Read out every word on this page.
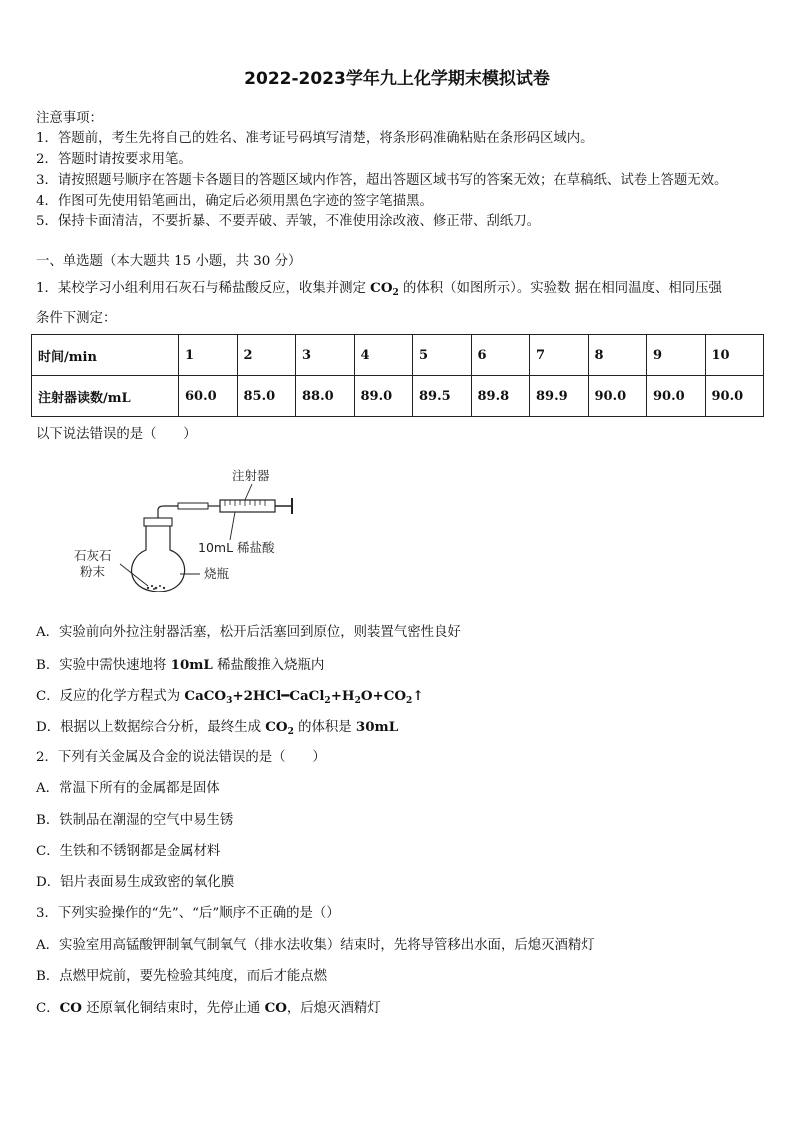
2022-2023学年九上化学期末模拟试卷
注意事项：
1．答题前，考生先将自己的姓名、准考证号码填写清楚，将条形码准确粘贴在条形码区域内。
2．答题时请按要求用笔。
3．请按照题号顺序在答题卡各题目的答题区域内作答，超出答题区域书写的答案无效；在草稿纸、试卷上答题无效。
4．作图可先使用铅笔画出，确定后必须用黑色字迹的签字笔描黑。
5．保持卡面清洁，不要折暴、不要弄破、弄皱，不准使用涂改液、修正带、刮纸刀。
一、单选题（本大题共 15 小题，共 30 分）
1．某校学习小组利用石灰石与稀盐酸反应，收集并测定 $CO_2$ 的体积（如图所示）。实验数 据在相同温度、相同压强
条件下测定：
时间/min	1	2	3	4	5	6	7	8	9	10
注射器读数/mL	60.0	85.0	88.0	89.0	89.5	89.8	89.9	90.0	90.0	90.0
以下说法错误的是（　　）
注射器
10mL 稀盐酸
石灰石
粉末	烧瓶
A．实验前向外拉注射器活塞，松开后活塞回到原位，则装置气密性良好
B．实验中需快速地将 10mL 稀盐酸推入烧瓶内
C．反应的化学方程式为 $CaCO_3+2HCl━CaCl_2+H_2O+CO_2↑$
D．根据以上数据综合分析，最终生成 $CO_2$ 的体积是 30mL
2．下列有关金属及合金的说法错误的是（　　）
A．常温下所有的金属都是固体
B．铁制品在潮湿的空气中易生锈
C．生铁和不锈钢都是金属材料
D．铝片表面易生成致密的氧化膜
3．下列实验操作的“先”、“后”顺序不正确的是（）
A．实验室用高锰酸钾制氧气制氧气（排水法收集）结束时，先将导管移出水面，后熄灭酒精灯
B．点燃甲烷前，要先检验其纯度，而后才能点燃
C．CO 还原氧化铜结束时，先停止通 CO，后熄灭酒精灯
